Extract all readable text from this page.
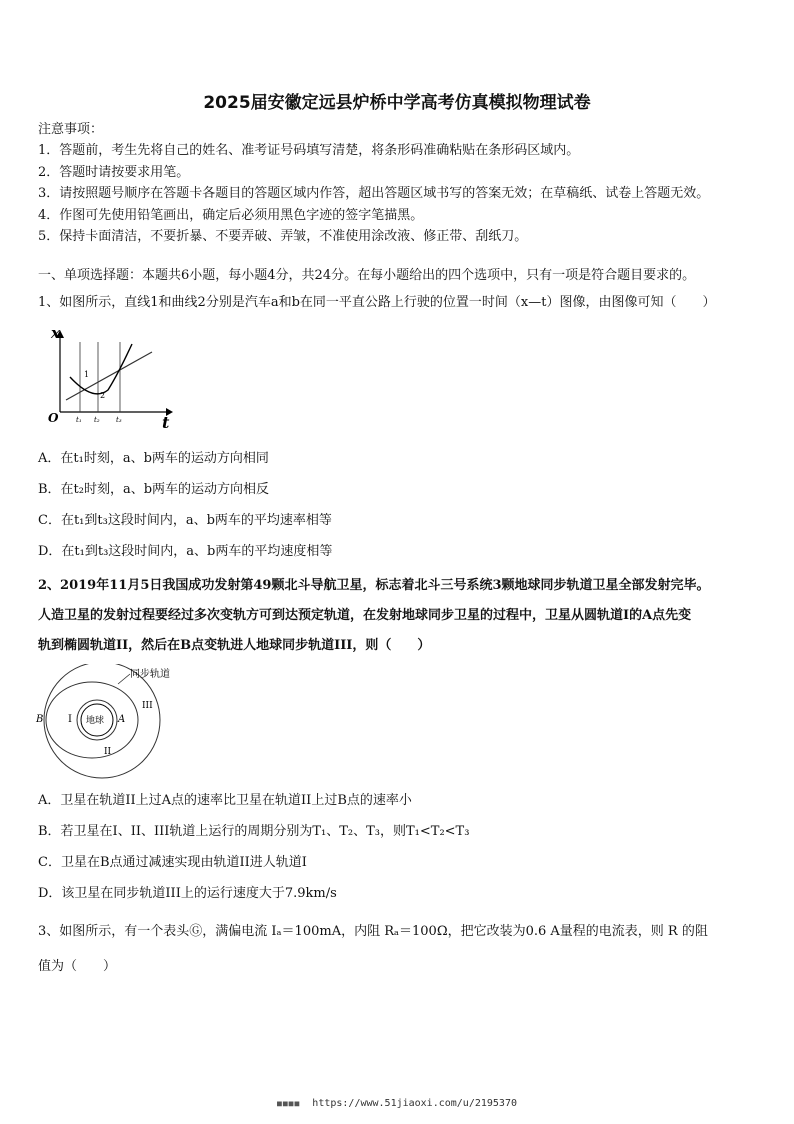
2025届安徽定远县炉桥中学高考仿真模拟物理试卷
注意事项：
1．答题前，考生先将自己的姓名、准考证号码填写清楚，将条形码准确粘贴在条形码区域内。
2．答题时请按要求用笔。
3．请按照题号顺序在答题卡各题目的答题区域内作答，超出答题区域书写的答案无效；在草稿纸、试卷上答题无效。
4．作图可先使用铅笔画出，确定后必须用黑色字迹的签字笔描黑。
5．保持卡面清洁，不要折暴、不要弄破、弄皱，不准使用涂改液、修正带、刮纸刀。
一、单项选择题：本题共6小题，每小题4分，共24分。在每小题给出的四个选项中，只有一项是符合题目要求的。
1、如图所示，直线1和曲线2分别是汽车a和b在同一平直公路上行驶的位置一时间（x—t）图像，由图像可知（　　）
x
t
O
1
2
t₁ t₂ t₃
A．在t₁时刻，a、b两车的运动方向相同
B．在t₂时刻，a、b两车的运动方向相反
C．在t₁到t₃这段时间内，a、b两车的平均速率相等
D．在t₁到t₃这段时间内，a、b两车的平均速度相等
2、2019年11月5日我国成功发射第49颗北斗导航卫星，标志着北斗三号系统3颗地球同步轨道卫星全部发射完毕。
人造卫星的发射过程要经过多次变轨方可到达预定轨道，在发射地球同步卫星的过程中，卫星从圆轨道I的A点先变
轨到椭圆轨道II，然后在B点变轨进人地球同步轨道III，则（　　）
同步轨道
地球
B	A
I
II
III
A．卫星在轨道II上过A点的速率比卫星在轨道II上过B点的速率小
B．若卫星在I、II、III轨道上运行的周期分别为T₁、T₂、T₃，则T₁<T₂<T₃
C．卫星在B点通过减速实现由轨道II进人轨道I
D．该卫星在同步轨道III上的运行速度大于7.9km/s
3、如图所示，有一个表头Ⓖ，满偏电流 Iₐ＝100mA，内阻 Rₐ＝100Ω，把它改装为0.6 A量程的电流表，则 R 的阻
值为（　　）
■■■■ https://www.51jiaoxi.com/u/2195370
